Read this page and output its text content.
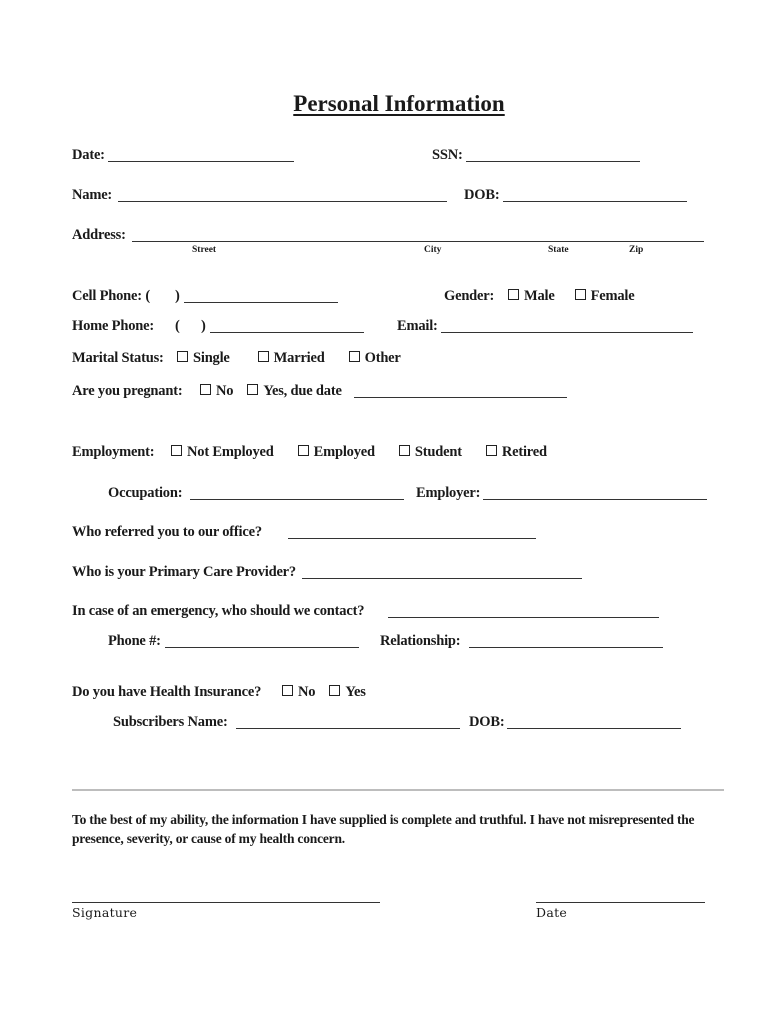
Personal Information
Date:	SSN:
Name:	DOB:
Address:
Street	City	State	Zip
Cell Phone: ( )	Gender:	Male Female
Home Phone: ( )	Email:
Marital Status:	Single	Married	Other
Are you pregnant:	No Yes, due date
Employment:	Not Employed	Employed	Student	Retired
Occupation:	Employer:
Who referred you to our office?
Who is your Primary Care Provider?
In case of an emergency, who should we contact?
Phone #:	Relationship:
Do you have Health Insurance?	No Yes
Subscribers Name:	DOB:
To the best of my ability, the information I have supplied is complete and truthful. I have not misrepresented the presence, severity, or cause of my health concern.
Signature	Date
